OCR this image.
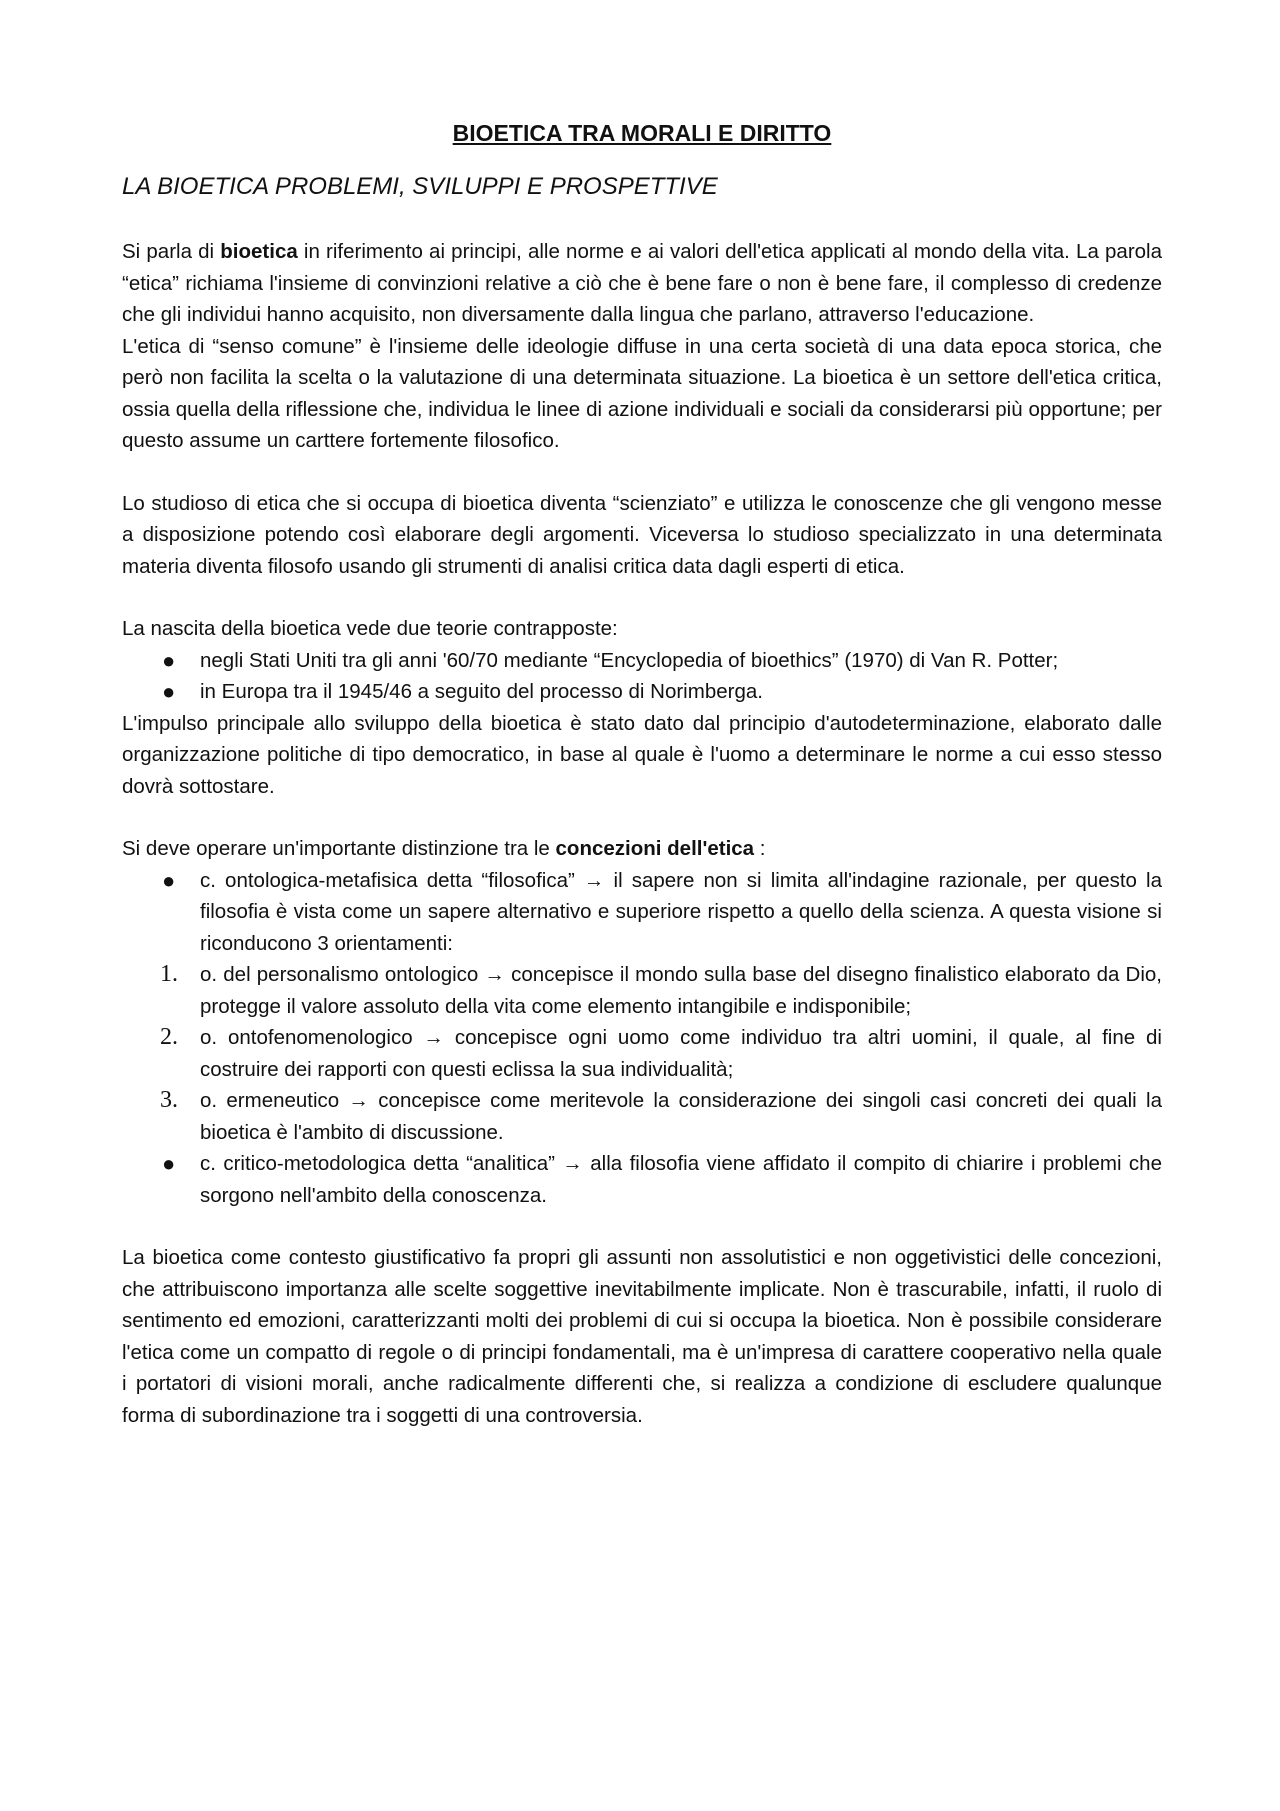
BIOETICA TRA MORALI E DIRITTO
LA BIOETICA PROBLEMI, SVILUPPI E PROSPETTIVE

Si parla di bioetica in riferimento ai principi, alle norme e ai valori dell'etica applicati al mondo della vita. La parola “etica” richiama l'insieme di convinzioni relative a ciò che è bene fare o non è bene fare, il complesso di credenze che gli individui hanno acquisito, non diversamente dalla lingua che parlano, attraverso l'educazione.

L'etica di “senso comune” è l'insieme delle ideologie diffuse in una certa società di una data epoca storica, che però non facilita la scelta o la valutazione di una determinata situazione. La bioetica è un settore dell'etica critica, ossia quella della riflessione che, individua le linee di azione individuali e sociali da considerarsi più opportune; per questo assume un carttere fortemente filosofico.

Lo studioso di etica che si occupa di bioetica diventa “scienziato” e utilizza le conoscenze che gli vengono messe a disposizione potendo così elaborare degli argomenti. Viceversa lo studioso specializzato in una determinata materia diventa filosofo usando gli strumenti di analisi critica data dagli esperti di etica.

La nascita della bioetica vede due teorie contrapposte:

●	negli Stati Uniti tra gli anni '60/70 mediante “Encyclopedia of bioethics” (1970) di Van R. Potter;
●	in Europa tra il 1945/46 a seguito del processo di Norimberga.

L'impulso principale allo sviluppo della bioetica è stato dato dal principio d'autodeterminazione, elaborato dalle organizzazione politiche di tipo democratico, in base al quale è l'uomo a determinare le norme a cui esso stesso dovrà sottostare.

Si deve operare un'importante distinzione tra le concezioni dell'etica :

●	c. ontologica-metafisica detta “filosofica” → il sapere non si limita all'indagine razionale, per questo la filosofia è vista come un sapere alternativo e superiore rispetto a quello della scienza. A questa visione si riconducono 3 orientamenti:
1. o. del personalismo ontologico → concepisce il mondo sulla base del disegno finalistico elaborato da Dio, protegge il valore assoluto della vita come elemento intangibile e indisponibile;
2. o. ontofenomenologico → concepisce ogni uomo come individuo tra altri uomini, il quale, al fine di costruire dei rapporti con questi eclissa la sua individualità;
3. o. ermeneutico → concepisce come meritevole la considerazione dei singoli casi concreti dei quali la bioetica è l'ambito di discussione.
●	c. critico-metodologica detta “analitica” → alla filosofia viene affidato il compito di chiarire i problemi che sorgono nell'ambito della conoscenza.

La bioetica come contesto giustificativo fa propri gli assunti non assolutistici e non oggetivistici delle concezioni, che attribuiscono importanza alle scelte soggettive inevitabilmente implicate. Non è trascurabile, infatti, il ruolo di sentimento ed emozioni, caratterizzanti molti dei problemi di cui si occupa la bioetica. Non è possibile considerare l'etica come un compatto di regole o di principi fondamentali, ma è un'impresa di carattere cooperativo nella quale i portatori di visioni morali, anche radicalmente differenti che, si realizza a condizione di escludere qualunque forma di subordinazione tra i soggetti di una controversia.
